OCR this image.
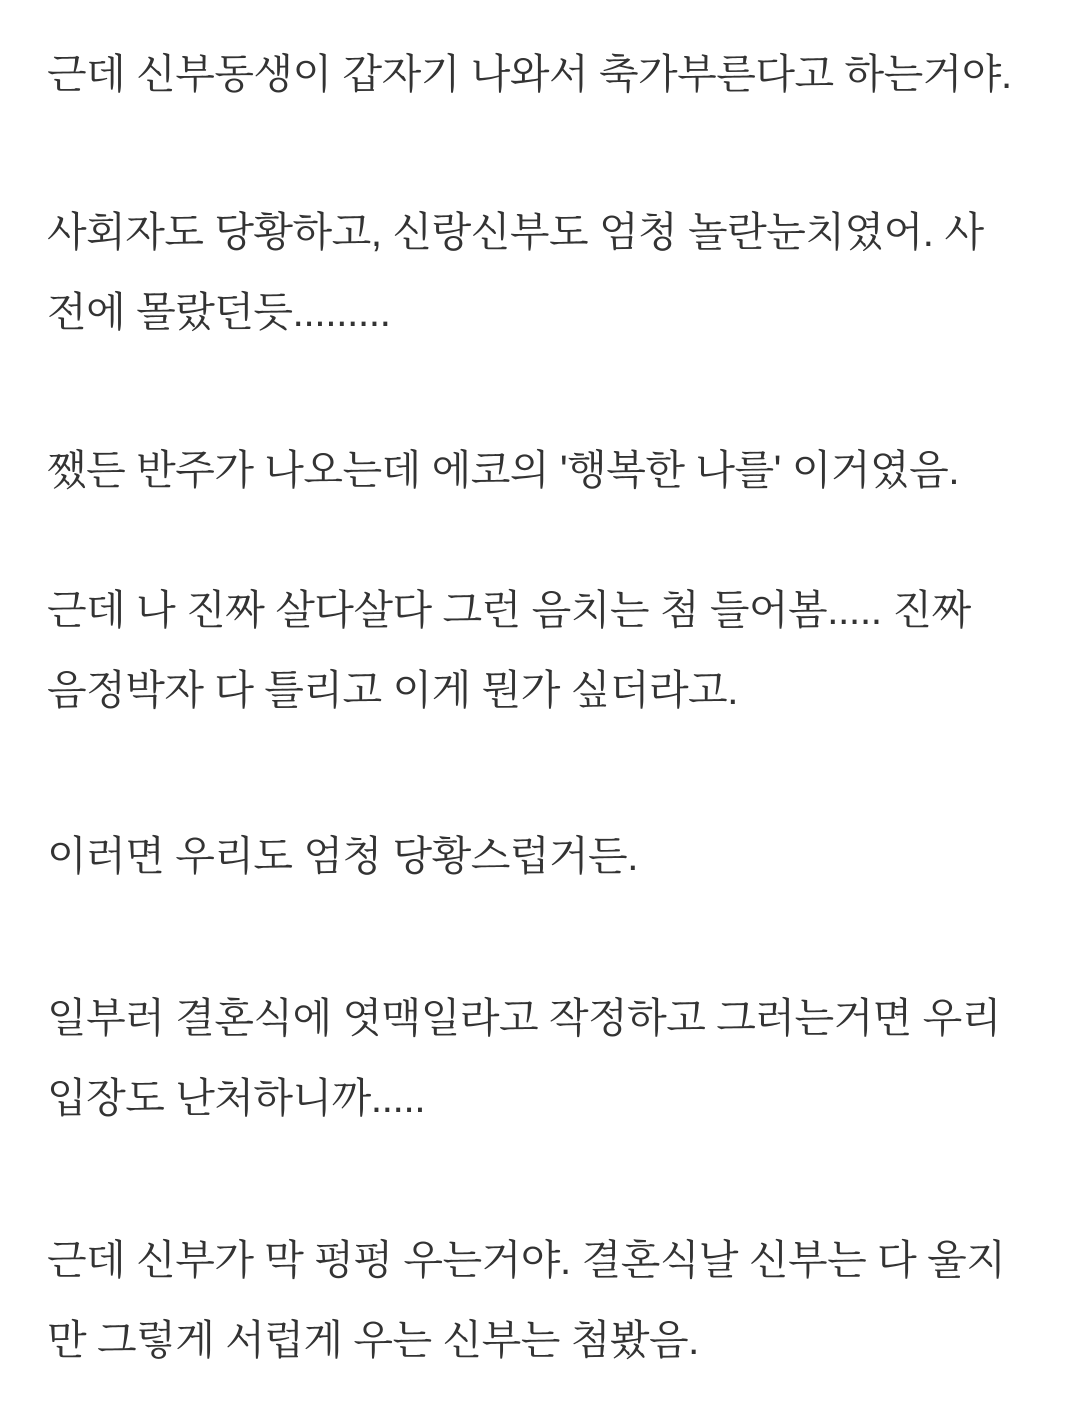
근데 신부동생이 갑자기 나와서 축가부른다고 하는거야.
사회자도 당황하고, 신랑신부도 엄청 놀란눈치였어. 사
전에 몰랐던듯.........
쨌든 반주가 나오는데 에코의 '행복한 나를' 이거였음.
근데 나 진짜 살다살다 그런 음치는 첨 들어봄..... 진짜
음정박자 다 틀리고 이게 뭔가 싶더라고.
이러면 우리도 엄청 당황스럽거든.
일부러 결혼식에 엿맥일라고 작정하고 그러는거면 우리
입장도 난처하니까.....
근데 신부가 막 펑펑 우는거야. 결혼식날 신부는 다 울지
만 그렇게 서럽게 우는 신부는 첨봤음.
